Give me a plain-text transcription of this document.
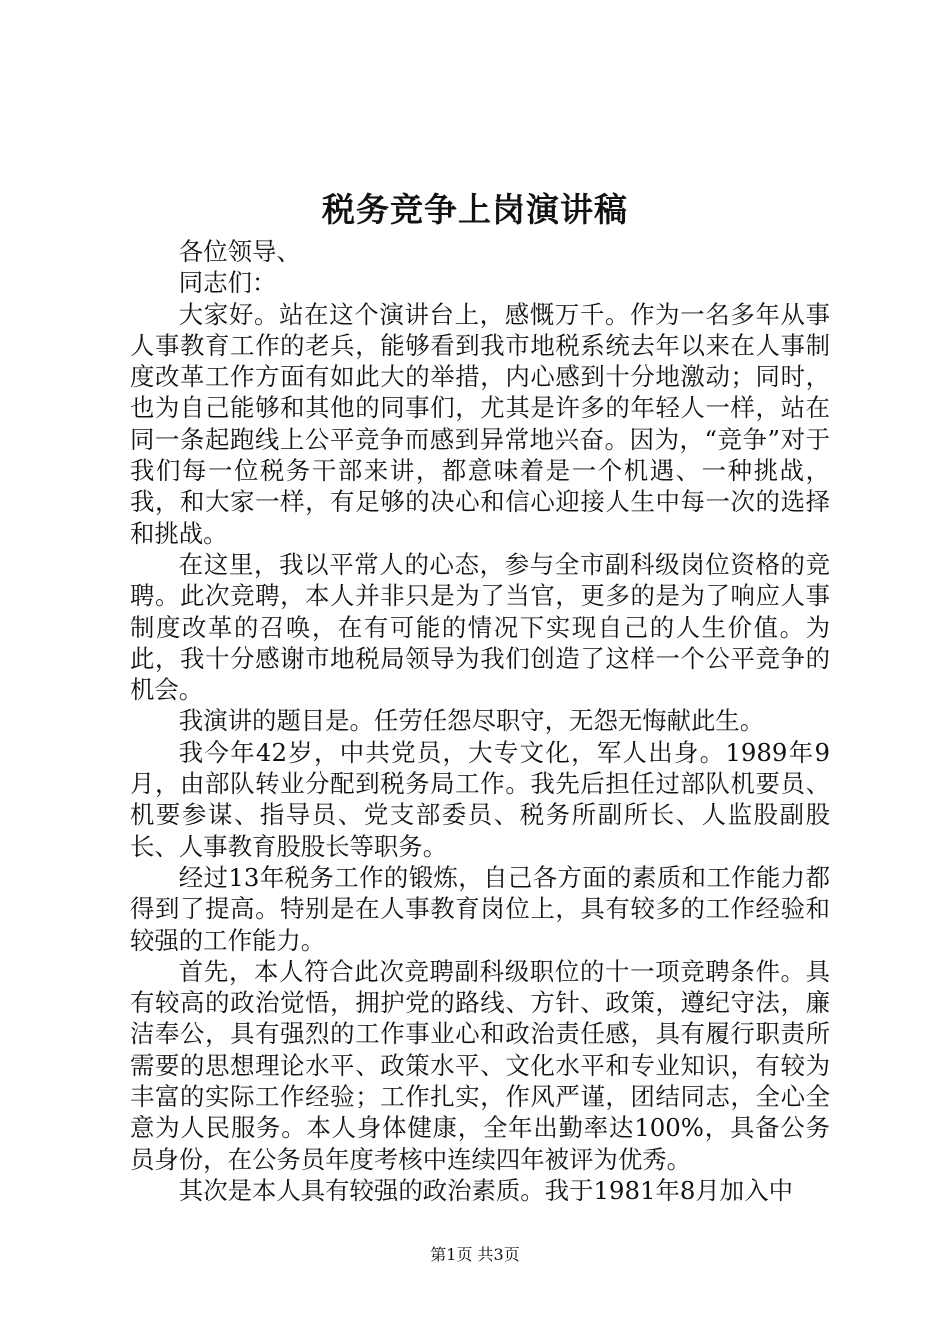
税务竞争上岗演讲稿

各位领导、

同志们：

大家好。站在这个演讲台上，感慨万千。作为一名多年从事人事教育工作的老兵，能够看到我市地税系统去年以来在人事制度改革工作方面有如此大的举措，内心感到十分地激动；同时，也为自己能够和其他的同事们，尤其是许多的年轻人一样，站在同一条起跑线上公平竞争而感到异常地兴奋。因为，“竞争”对于我们每一位税务干部来讲，都意味着是一个机遇、一种挑战，我，和大家一样，有足够的决心和信心迎接人生中每一次的选择和挑战。

在这里，我以平常人的心态，参与全市副科级岗位资格的竞聘。此次竞聘，本人并非只是为了当官，更多的是为了响应人事制度改革的召唤，在有可能的情况下实现自己的人生价值。为此，我十分感谢市地税局领导为我们创造了这样一个公平竞争的机会。

我演讲的题目是。任劳任怨尽职守，无怨无悔献此生。

我今年42岁，中共党员，大专文化，军人出身。1989年9月，由部队转业分配到税务局工作。我先后担任过部队机要员、机要参谋、指导员、党支部委员、税务所副所长、人监股副股长、人事教育股股长等职务。

经过13年税务工作的锻炼，自己各方面的素质和工作能力都得到了提高。特别是在人事教育岗位上，具有较多的工作经验和较强的工作能力。

首先，本人符合此次竞聘副科级职位的十一项竞聘条件。具有较高的政治觉悟，拥护党的路线、方针、政策，遵纪守法，廉洁奉公，具有强烈的工作事业心和政治责任感，具有履行职责所需要的思想理论水平、政策水平、文化水平和专业知识，有较为丰富的实际工作经验；工作扎实，作风严谨，团结同志，全心全意为人民服务。本人身体健康，全年出勤率达100%，具备公务员身份，在公务员年度考核中连续四年被评为优秀。

其次是本人具有较强的政治素质。我于1981年8月加入中

第1页 共3页
